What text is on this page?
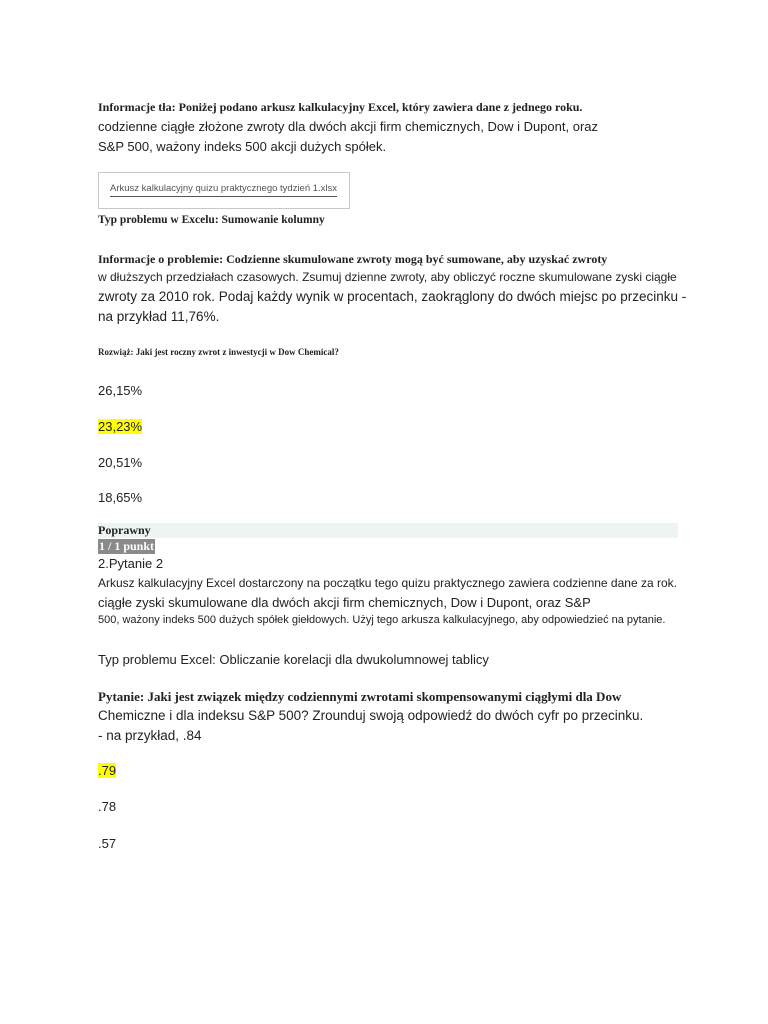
Informacje tła: Poniżej podano arkusz kalkulacyjny Excel, który zawiera dane z jednego roku.
codzienne ciągłe złożone zwroty dla dwóch akcji firm chemicznych, Dow i Dupont, oraz
S&P 500, ważony indeks 500 akcji dużych spółek.
Arkusz kalkulacyjny quizu praktycznego tydzień 1.xlsx
Typ problemu w Excelu: Sumowanie kolumny
Informacje o problemie: Codzienne skumulowane zwroty mogą być sumowane, aby uzyskać zwroty
w dłuższych przedziałach czasowych. Zsumuj dzienne zwroty, aby obliczyć roczne skumulowane zyski ciągłe
zwroty za 2010 rok. Podaj każdy wynik w procentach, zaokrąglony do dwóch miejsc po przecinku -
na przykład 11,76%.
Rozwiąż: Jaki jest roczny zwrot z inwestycji w Dow Chemical?
26,15%
23,23%
20,51%
18,65%
Poprawny
1 / 1 punkt
2.Pytanie 2
Arkusz kalkulacyjny Excel dostarczony na początku tego quizu praktycznego zawiera codzienne dane za rok.
ciągłe zyski skumulowane dla dwóch akcji firm chemicznych, Dow i Dupont, oraz S&P
500, ważony indeks 500 dużych spółek giełdowych. Użyj tego arkusza kalkulacyjnego, aby odpowiedzieć na pytanie.
Typ problemu Excel: Obliczanie korelacji dla dwukolumnowej tablicy
Pytanie: Jaki jest związek między codziennymi zwrotami skompensowanymi ciągłymi dla Dow
Chemiczne i dla indeksu S&P 500? Zrounduj swoją odpowiedź do dwóch cyfr po przecinku.
- na przykład, .84
.79
.78
.57
